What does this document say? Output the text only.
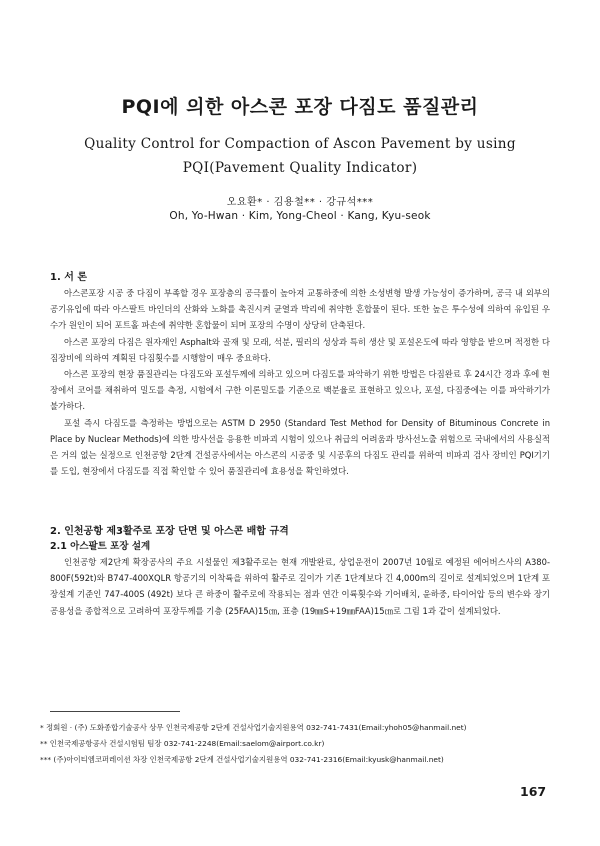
PQI에 의한 아스콘 포장 다짐도 품질관리
Quality Control for Compaction of Ascon Pavement by using
PQI(Pavement Quality Indicator)
오요환* · 김용철** · 강규석***
Oh, Yo-Hwan · Kim, Yong-Cheol · Kang, Kyu-seok
1. 서 론

아스콘포장 시공 중 다짐이 부족할 경우 포장층의 공극률이 높아져 교통하중에 의한 소성변형 발생 가능성이 증가하며, 공극 내 외부의 공기유입에 따라 아스팔트 바인더의 산화와 노화를 촉진시켜 균열과 박리에 취약한 혼합물이 된다. 또한 높은 투수성에 의하여 유입된 우수가 원인이 되어 포트홀 파손에 취약한 혼합물이 되며 포장의 수명이 상당히 단축된다.

아스콘 포장의 다짐은 원자재인 Asphalt와 골재 및 모래, 석분, 필러의 성상과 특히 생산 및 포설온도에 따라 영향을 받으며 적정한 다짐장비에 의하여 계획된 다짐횟수를 시행함이 매우 중요하다.

아스콘 포장의 현장 품질관리는 다짐도와 포설두께에 의하고 있으며 다짐도를 파악하기 위한 방법은 다짐완료 후 24시간 경과 후에 현장에서 코어를 채취하여 밀도를 측정, 시험에서 구한 이론밀도를 기준으로 백분율로 표현하고 있으나, 포설, 다짐중에는 이를 파악하기가 불가하다.

포설 즉시 다짐도를 측정하는 방법으로는 ASTM D 2950 (Standard Test Method for Density of Bituminous Concrete in Place by Nuclear Methods)에 의한 방사선을 응용한 비파괴 시험이 있으나 취급의 어려움과 방사선노출 위험으로 국내에서의 사용실적은 거의 없는 실정으로 인천공항 2단계 건설공사에서는 아스콘의 시공중 및 시공후의 다짐도 관리를 위하여 비파괴 검사 장비인 PQI기기를 도입, 현장에서 다짐도를 직접 확인할 수 있어 품질관리에 효용성을 확인하였다.

2. 인천공항 제3활주로 포장 단면 및 아스콘 배합 규격
2.1 아스팔트 포장 설계

인천공항 제2단계 확장공사의 주요 시설물인 제3활주로는 현재 개발완료, 상업운전이 2007년 10월로 예정된 에어버스사의 A380-800F(592t)와 B747-400XQLR 항공기의 이착륙을 위하여 활주로 길이가 기존 1단계보다 긴 4,000m의 길이로 설계되었으며 1단계 포장설계 기준인 747-400S (492t) 보다 큰 하중이 활주로에 작용되는 점과 연간 이륙횟수와 기어배치, 윤하중, 타이어압 등의 변수와 장기 공용성을 종합적으로 고려하여 포장두께를 기층 (25FAA)15㎝, 표층 (19㎜S+19㎜FAA)15㎝로 그림 1과 같이 설계되었다.

* 정회원 · (주) 도화종합기술공사 상무 인천국제공항 2단계 건설사업기술지원용역 032-741-7431(Email:yhoh05@hanmail.net)
** 인천국제공항공사 건설시험팀 팀장 032-741-2248(Email:saelom@airport.co.kr)
*** (주)아이티엠코퍼레이션 차장 인천국제공항 2단계 건설사업기술지원용역 032-741-2316(Email:kyusk@hanmail.net)
167
